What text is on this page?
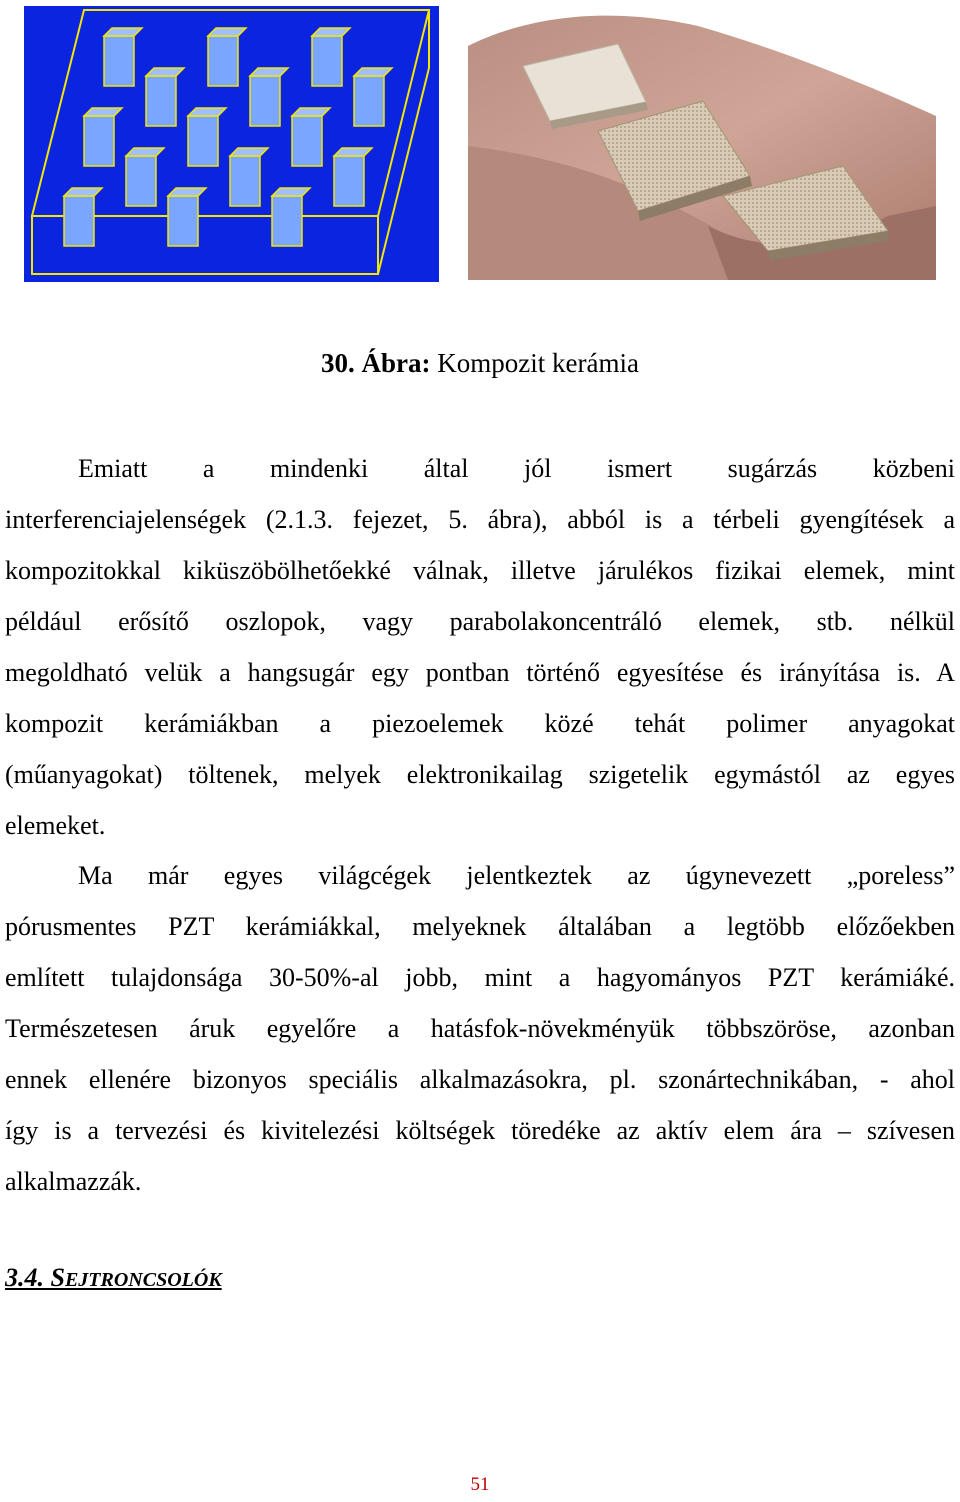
30. Ábra: Kompozit kerámia
Emiatt a mindenki által jól ismert sugárzás közbeni
interferenciajelenségek (2.1.3. fejezet, 5. ábra), abból is a térbeli gyengítések a
kompozitokkal kiküszöbölhetőekké válnak, illetve járulékos fizikai elemek, mint
például erősítő oszlopok, vagy parabolakoncentráló elemek, stb. nélkül
megoldható velük a hangsugár egy pontban történő egyesítése és irányítása is. A
kompozit kerámiákban a piezoelemek közé tehát polimer anyagokat
(műanyagokat) töltenek, melyek elektronikailag szigetelik egymástól az egyes
elemeket.
Ma már egyes világcégek jelentkeztek az úgynevezett „poreless”
pórusmentes PZT kerámiákkal, melyeknek általában a legtöbb előzőekben
említett tulajdonsága 30-50%-al jobb, mint a hagyományos PZT kerámiáké.
Természetesen áruk egyelőre a hatásfok-növekményük többszöröse, azonban
ennek ellenére bizonyos speciális alkalmazásokra, pl. szonártechnikában, - ahol
így is a tervezési és kivitelezési költségek töredéke az aktív elem ára – szívesen
alkalmazzák.
3.4. SEJTRONCSOLÓK
51
